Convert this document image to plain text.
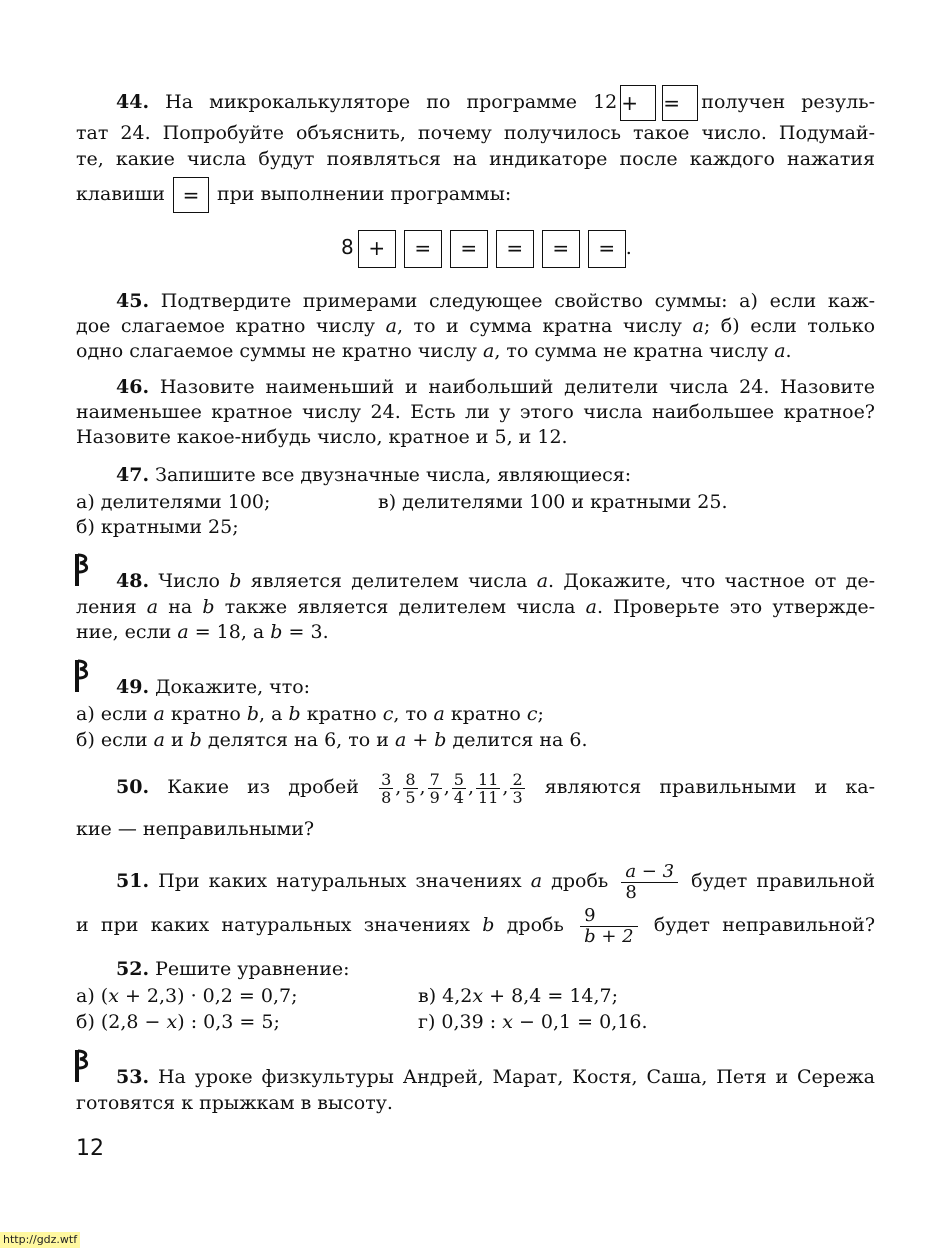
44. На микрокалькуляторе по программе 12 + = получен резуль-
тат 24. Попробуйте объяснить, почему получилось такое число. Подумай-
те, какие числа будут появляться на индикаторе после каждого нажатия
клавиши = при выполнении программы:
8 + = = = = = .
45. Подтвердите примерами следующее свойство суммы: а) если каж-
дое слагаемое кратно числу a, то и сумма кратна числу a; б) если только
одно слагаемое суммы не кратно числу a, то сумма не кратна числу a.
46. Назовите наименьший и наибольший делители числа 24. Назовите
наименьшее кратное числу 24. Есть ли у этого числа наибольшее кратное?
Назовите какое-нибудь число, кратное и 5, и 12.
47. Запишите все двузначные числа, являющиеся:
а) делителями 100;	в) делителями 100 и кратными 25.
б) кратными 25;
48. Число b является делителем числа a. Докажите, что частное от де-
ления a на b также является делителем числа a. Проверьте это утвержде-
ние, если a = 18, а b = 3.
49. Докажите, что:
а) если a кратно b, а b кратно c, то a кратно c;
б) если a и b делятся на 6, то и a + b делится на 6.
50. Какие из дробей $\frac{3}{8}$ , $\frac{8}{5}$ , $\frac{7}{9}$ , $\frac{5}{4}$ , $\frac{11}{11}$ , $\frac{2}{3}$ являются правильными и ка-
кие — неправильными?
51. При каких натуральных значениях a дробь $\frac{a - 3}{8}$ будет правильной
и при каких натуральных значениях b дробь $\frac{9}{b + 2}$ будет неправильной?
52. Решите уравнение:
а) (x + 2,3) · 0,2 = 0,7;	в) 4,2x + 8,4 = 14,7;
б) (2,8 − x) : 0,3 = 5;	г) 0,39 : x − 0,1 = 0,16.
53. На уроке физкультуры Андрей, Марат, Костя, Саша, Петя и Сережа
готовятся к прыжкам в высоту.
12
http://gdz.wtf
